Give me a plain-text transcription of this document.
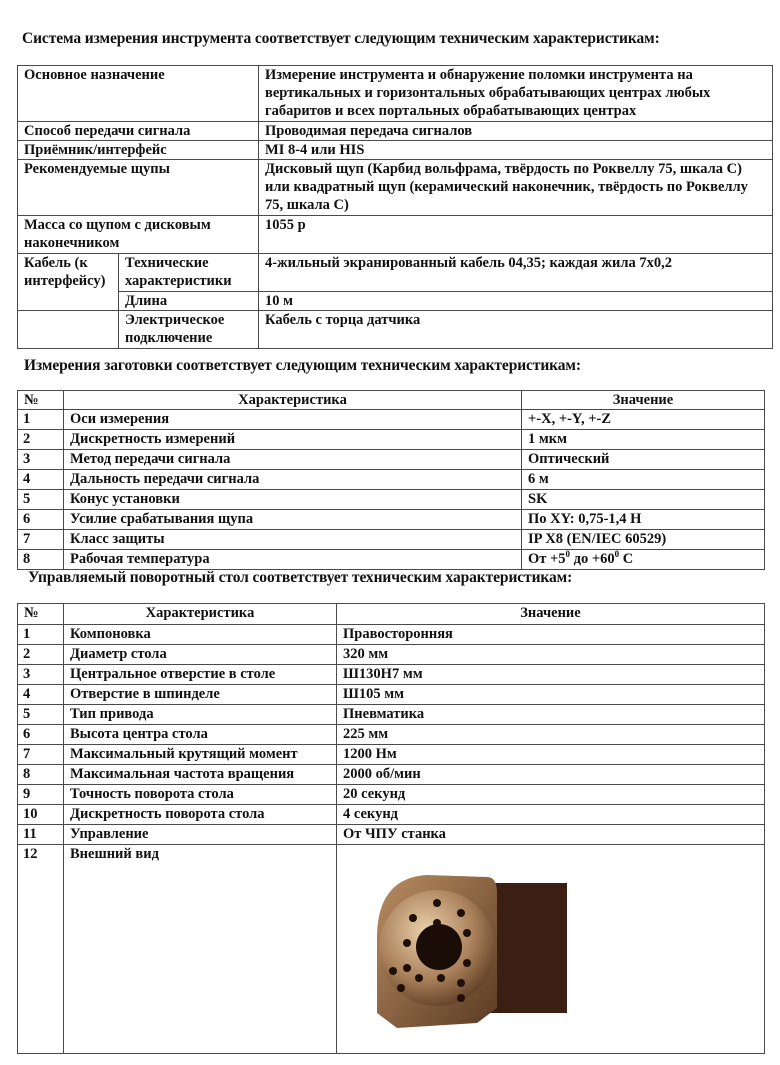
Система измерения инструмента соответствует следующим техническим характеристикам:
Основное назначение		Измерение инструмента и обнаружение поломки инструмента на вертикальных и горизонтальных обрабатывающих центрах любых габаритов и всех портальных обрабатывающих центрах
Способ передачи сигнала		Проводимая передача сигналов
Приёмник/интерфейс		MI 8-4 или HIS
Рекомендуемые щупы		Дисковый щуп (Карбид вольфрама, твёрдость по Роквеллу 75, шкала С) или квадратный щуп (керамический наконечник, твёрдость по Роквеллу 75, шкала С)
Масса со щупом с дисковым наконечником		1055 р
Кабель (к интерфейсу)	Технические характеристики	4-жильный экранированный кабель 04,35; каждая жила 7х0,2
	Длина	10 м
	Электрическое подключение	Кабель с торца датчика
Измерения заготовки соответствует следующим техническим характеристикам:
№	Характеристика	Значение
1	Оси измерения	+-X, +-Y, +-Z
2	Дискретность измерений	1 мкм
3	Метод передачи сигнала	Оптический
4	Дальность передачи сигнала	6 м
5	Конус установки	SK
6	Усилие срабатывания щупа	По XY: 0,75-1,4 Н
7	Класс защиты	IP X8 (EN/IEC 60529)
8	Рабочая температура	От $+5^0$ до $+60^0$ С
Управляемый поворотный стол соответствует техническим характеристикам:
№	Характеристика	Значение
1	Компоновка	Правосторонняя
2	Диаметр стола	320 мм
3	Центральное отверстие в столе	Ш130Н7 мм
4	Отверстие в шпинделе	Ш105 мм
5	Тип привода	Пневматика
6	Высота центра стола	225 мм
7	Максимальный крутящий момент	1200 Нм
8	Максимальная частота вращения	2000 об/мин
9	Точность поворота стола	20 секунд
10	Дискретность поворота стола	4 секунд
11	Управление	От ЧПУ станка
12	Внешний вид	
